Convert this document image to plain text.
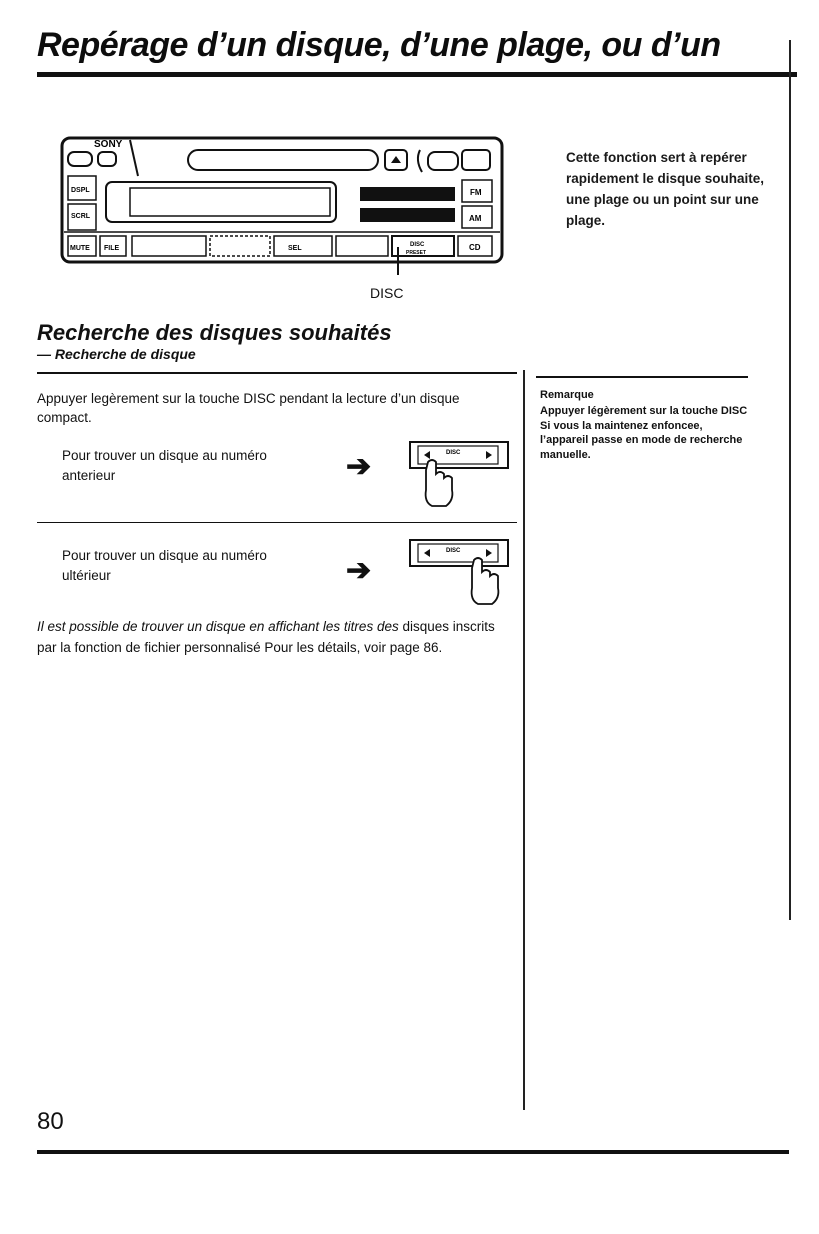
Repérage d’un disque, d’une plage, ou d’un
SONY
DSPL
SCRL
FM
AM
MUTE FILE	SEL	DISC
PRESET
CD
DISC
Cette fonction sert à repérer rapidement le disque souhaite, une plage ou un point sur une plage.
Recherche des disques souhaités
— Recherche de disque
Remarque
Appuyer légèrement sur la touche DISC Si vous la maintenez enfoncee, l’appareil passe en mode de recherche manuelle.
Appuyer legèrement sur la touche DISC pendant la lecture d’un disque compact.
Pour trouver un disque au numéro anterieur	➔	DISC
Pour trouver un disque au numéro ultérieur	➔
DISC
Il est possible de trouver un disque en affichant les titres des disques inscrits par la fonction de fichier personnalisé Pour les détails, voir page 86.
80
